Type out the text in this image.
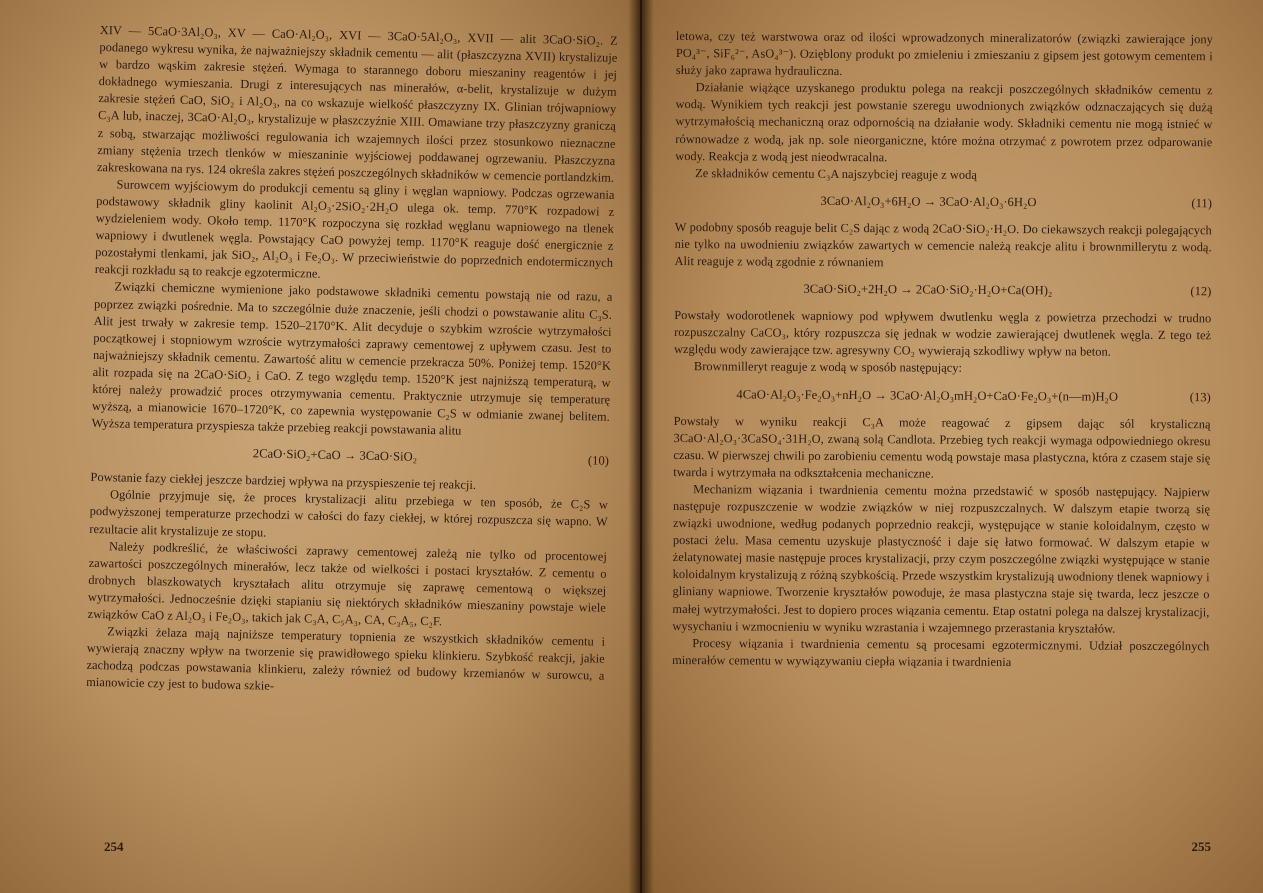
XIV — 5CaO·3Al₂O₃, XV — CaO·Al₂O₃, XVI — 3CaO·5Al₂O₃, XVII — alit 3CaO·SiO₂. Z podanego wykresu wynika, że najważniejszy składnik cementu — alit (płaszczyzna XVII) krystalizuje w bardzo wąskim zakresie stężeń. Wymaga to starannego doboru mieszaniny reagentów i jej dokładnego wymieszania. Drugi z interesujących nas minerałów, α-belit, krystalizuje w dużym zakresie stężeń CaO, SiO₂ i Al₂O₃, na co wskazuje wielkość płaszczyzny IX. Glinian trójwapniowy C₃A lub, inaczej, 3CaO·Al₂O₃, krystalizuje w płaszczyźnie XIII. Omawiane trzy płaszczyzny graniczą z sobą, stwarzając możliwości regulowania ich wzajemnych ilości przez stosunkowo nieznaczne zmiany stężenia trzech tlenków w mieszaninie wyjściowej poddawanej ogrzewaniu. Płaszczyzna zakreskowana na rys. 124 określa zakres stężeń poszczególnych składników w cemencie portlandzkim.

Surowcem wyjściowym do produkcji cementu są gliny i węglan wapniowy. Podczas ogrzewania podstawowy składnik gliny kaolinit Al₂O₃·2SiO₂·2H₂O ulega ok. temp. 770°K rozpadowi z wydzieleniem wody. Około temp. 1170°K rozpoczyna się rozkład węglanu wapniowego na tlenek wapniowy i dwutlenek węgla. Powstający CaO powyżej temp. 1170°K reaguje dość energicznie z pozostałymi tlenkami, jak SiO₂, Al₂O₃ i Fe₂O₃. W przeciwieństwie do poprzednich endotermicznych reakcji rozkładu są to reakcje egzotermiczne.

Związki chemiczne wymienione jako podstawowe składniki cementu powstają nie od razu, a poprzez związki pośrednie. Ma to szczególnie duże znaczenie, jeśli chodzi o powstawanie alitu C₃S. Alit jest trwały w zakresie temp. 1520–2170°K. Alit decyduje o szybkim wzroście wytrzymałości początkowej i stopniowym wzroście wytrzymałości zaprawy cementowej z upływem czasu. Jest to najważniejszy składnik cementu. Zawartość alitu w cemencie przekracza 50%. Poniżej temp. 1520°K alit rozpada się na 2CaO·SiO₂ i CaO. Z tego względu temp. 1520°K jest najniższą temperaturą, w której należy prowadzić proces otrzymywania cementu. Praktycznie utrzymuje się temperaturę wyższą, a mianowicie 1670–1720°K, co zapewnia występowanie C₂S w odmianie zwanej belitem. Wyższa temperatura przyspiesza także przebieg reakcji powstawania alitu

2CaO·SiO₂+CaO → 3CaO·SiO₂	(10)

Powstanie fazy ciekłej jeszcze bardziej wpływa na przyspieszenie tej reakcji.

Ogólnie przyjmuje się, że proces krystalizacji alitu przebiega w ten sposób, że C₂S w podwyższonej temperaturze przechodzi w całości do fazy ciekłej, w której rozpuszcza się wapno. W rezultacie alit krystalizuje ze stopu.

Należy podkreślić, że właściwości zaprawy cementowej zależą nie tylko od procentowej zawartości poszczególnych minerałów, lecz także od wielkości i postaci kryształów. Z cementu o drobnych blaszkowatych kryształach alitu otrzymuje się zaprawę cementową o większej wytrzymałości. Jednocześnie dzięki stapianiu się niektórych składników mieszaniny powstaje wiele związków CaO z Al₂O₃ i Fe₂O₃, takich jak C₃A, C₅A₃, CA, C₃A₅, C₂F.

Związki żelaza mają najniższe temperatury topnienia ze wszystkich składników cementu i wywierają znaczny wpływ na tworzenie się prawidłowego spieku klinkieru. Szybkość reakcji, jakie zachodzą podczas powstawania klinkieru, zależy również od budowy krzemianów w surowcu, a mianowicie czy jest to budowa szkie-

254

letowa, czy też warstwowa oraz od ilości wprowadzonych mineralizatorów (związki zawierające jony PO₄³⁻, SiF₆²⁻, AsO₄³⁻). Ozięblony produkt po zmieleniu i zmieszaniu z gipsem jest gotowym cementem i służy jako zaprawa hydrauliczna.

Działanie wiążące uzyskanego produktu polega na reakcji poszczególnych składników cementu z wodą. Wynikiem tych reakcji jest powstanie szeregu uwodnionych związków odznaczających się dużą wytrzymałością mechaniczną oraz odpornością na działanie wody. Składniki cementu nie mogą istnieć w równowadze z wodą, jak np. sole nieorganiczne, które można otrzymać z powrotem przez odparowanie wody. Reakcja z wodą jest nieodwracalna.

Ze składników cementu C₃A najszybciej reaguje z wodą

3CaO·Al₂O₃+6H₂O → 3CaO·Al₂O₃·6H₂O	(11)

W podobny sposób reaguje belit C₂S dając z wodą 2CaO·SiO₂·H₂O. Do ciekawszych reakcji polegających nie tylko na uwodnieniu związków zawartych w cemencie należą reakcje alitu i brownmillerytu z wodą. Alit reaguje z wodą zgodnie z równaniem

3CaO·SiO₂+2H₂O → 2CaO·SiO₂·H₂O+Ca(OH)₂	(12)

Powstały wodorotlenek wapniowy pod wpływem dwutlenku węgla z powietrza przechodzi w trudno rozpuszczalny CaCO₃, który rozpuszcza się jednak w wodzie zawierającej dwutlenek węgla. Z tego też względu wody zawierające tzw. agresywny CO₂ wywierają szkodliwy wpływ na beton.

Brownmilleryt reaguje z wodą w sposób następujący:

4CaO·Al₂O₃·Fe₂O₃+nH₂O → 3CaO·Al₂O₃mH₂O+CaO·Fe₂O₃+(n—m)H₂O	(13)

Powstały w wyniku reakcji C₃A może reagować z gipsem dając sól krystaliczną 3CaO·Al₂O₃·3CaSO₄·31H₂O, zwaną solą Candlota. Przebieg tych reakcji wymaga odpowiedniego okresu czasu. W pierwszej chwili po zarobieniu cementu wodą powstaje masa plastyczna, która z czasem staje się twarda i wytrzymała na odkształcenia mechaniczne.

Mechanizm wiązania i twardnienia cementu można przedstawić w sposób następujący. Najpierw następuje rozpuszczenie w wodzie związków w niej rozpuszczalnych. W dalszym etapie tworzą się związki uwodnione, według podanych poprzednio reakcji, występujące w stanie koloidalnym, często w postaci żelu. Masa cementu uzyskuje plastyczność i daje się łatwo formować. W dalszym etapie w żelatynowatej masie następuje proces krystalizacji, przy czym poszczególne związki występujące w stanie koloidalnym krystalizują z różną szybkością. Przede wszystkim krystalizują uwodniony tlenek wapniowy i gliniany wapniowe. Tworzenie kryształów powoduje, że masa plastyczna staje się twarda, lecz jeszcze o małej wytrzymałości. Jest to dopiero proces wiązania cementu. Etap ostatni polega na dalszej krystalizacji, wysychaniu i wzmocnieniu w wyniku wzrastania i wzajemnego przerastania kryształów.

Procesy wiązania i twardnienia cementu są procesami egzotermicznymi. Udział poszczególnych minerałów cementu w wywiązywaniu ciepła wiązania i twardnienia

255
